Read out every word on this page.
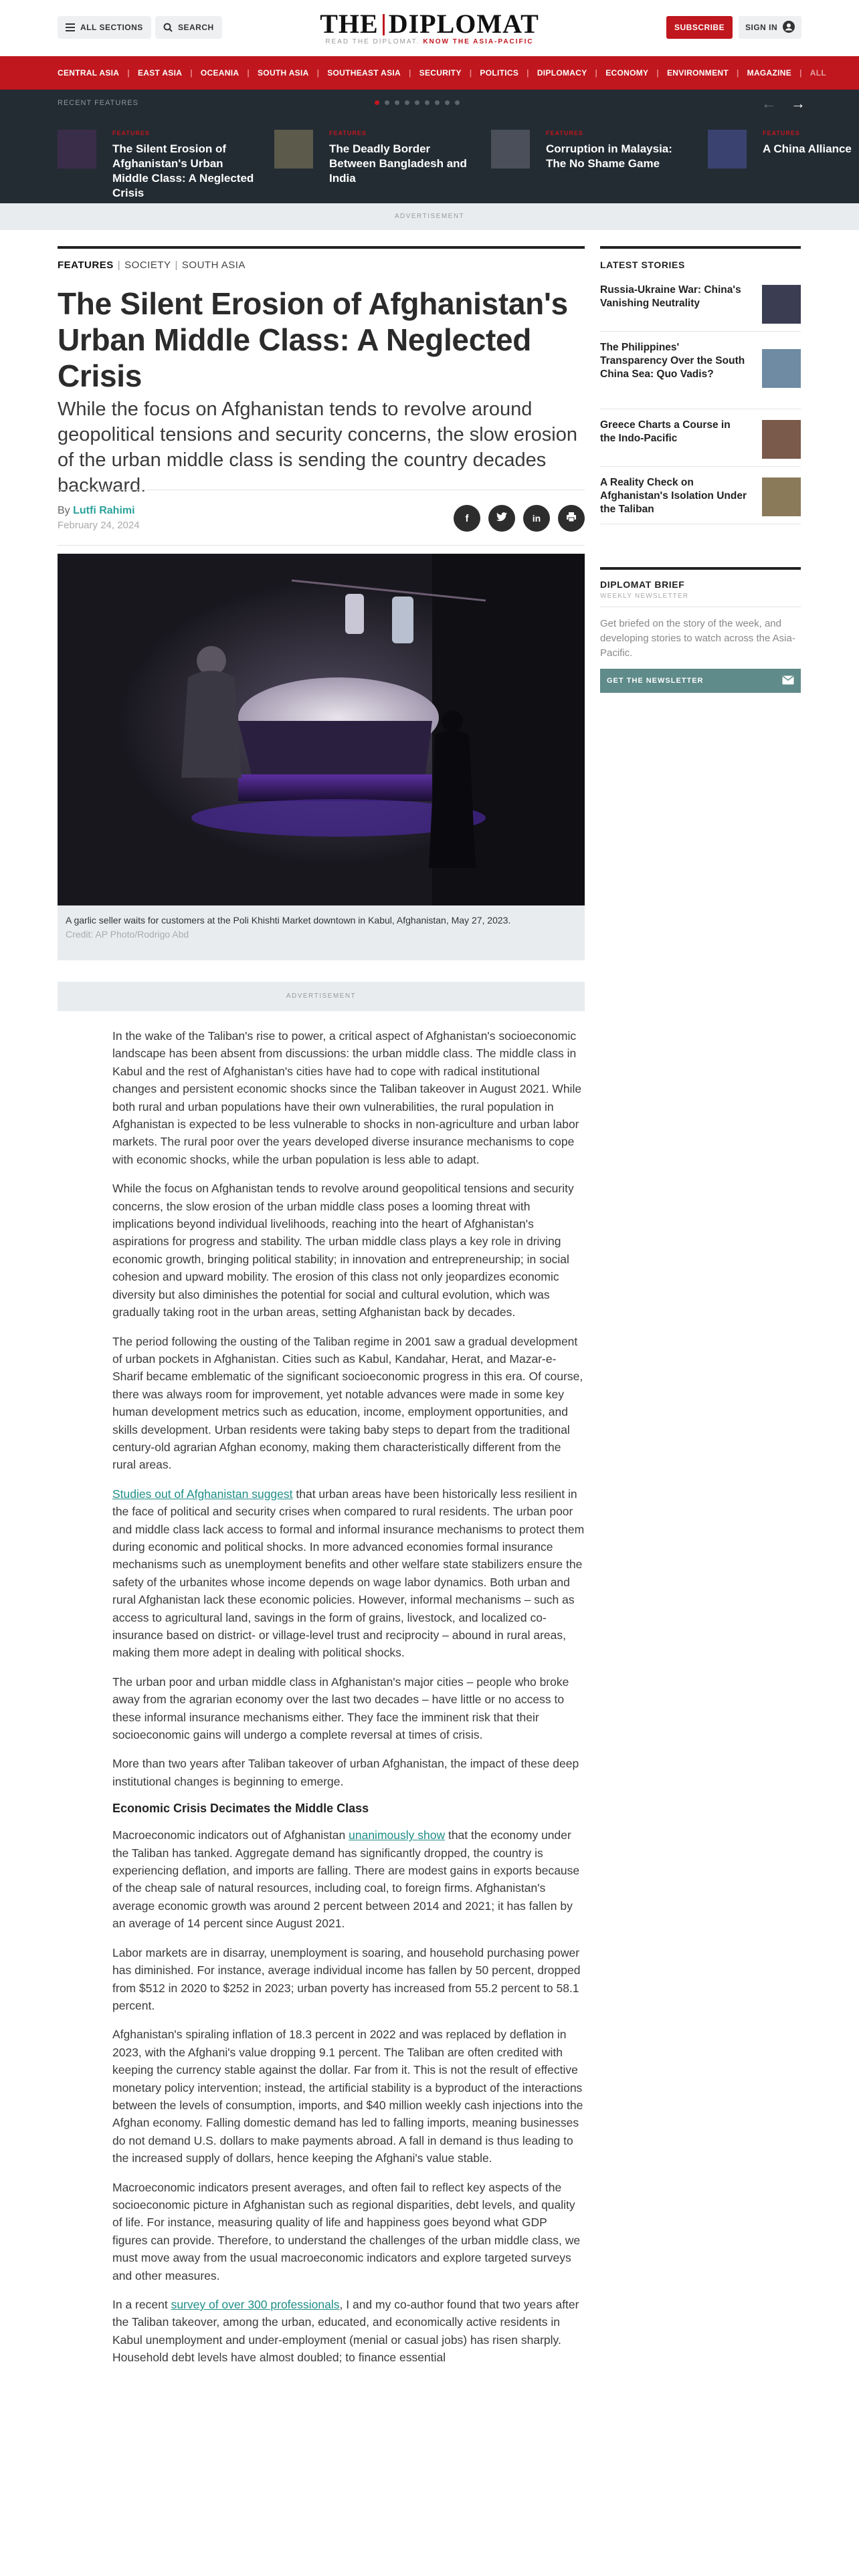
ALL SECTIONS	SEARCH	THE DIPLOMAT
READ THE DIPLOMAT. KNOW THE ASIA-PACIFIC
SUBSCRIBE	SIGN IN
CENTRAL ASIA | EAST ASIA | OCEANIA | SOUTH ASIA | SOUTHEAST ASIA | SECURITY | POLITICS | DIPLOMACY | ECONOMY | ENVIRONMENT | MAGAZINE | ALL
RECENT FEATURES	← →
FEATURES
The Silent Erosion of Afghanistan's Urban Middle Class: A Neglected Crisis
FEATURES
The Deadly Border Between Bangladesh and India
FEATURES
Corruption in Malaysia: The No Shame Game
FEATURES
A China Alliance
ADVERTISEMENT
FEATURES | SOCIETY | SOUTH ASIA
The Silent Erosion of Afghanistan's Urban Middle Class: A Neglected Crisis
While the focus on Afghanistan tends to revolve around geopolitical tensions and security concerns, the slow erosion of the urban middle class is sending the country decades backward.
By Lutfi Rahimi
February 24, 2024
f	in
A garlic seller waits for customers at the Poli Khishti Market downtown in Kabul, Afghanistan, May 27, 2023.
Credit: AP Photo/Rodrigo Abd
ADVERTISEMENT

In the wake of the Taliban's rise to power, a critical aspect of Afghanistan's socioeconomic landscape has been absent from discussions: the urban middle class. The middle class in Kabul and the rest of Afghanistan's cities have had to cope with radical institutional changes and persistent economic shocks since the Taliban takeover in August 2021. While both rural and urban populations have their own vulnerabilities, the rural population in Afghanistan is expected to be less vulnerable to shocks in non-agriculture and urban labor markets. The rural poor over the years developed diverse insurance mechanisms to cope with economic shocks, while the urban population is less able to adapt.

While the focus on Afghanistan tends to revolve around geopolitical tensions and security concerns, the slow erosion of the urban middle class poses a looming threat with implications beyond individual livelihoods, reaching into the heart of Afghanistan's aspirations for progress and stability. The urban middle class plays a key role in driving economic growth, bringing political stability; in innovation and entrepreneurship; in social cohesion and upward mobility. The erosion of this class not only jeopardizes economic diversity but also diminishes the potential for social and cultural evolution, which was gradually taking root in the urban areas, setting Afghanistan back by decades.

The period following the ousting of the Taliban regime in 2001 saw a gradual development of urban pockets in Afghanistan. Cities such as Kabul, Kandahar, Herat, and Mazar-e-Sharif became emblematic of the significant socioeconomic progress in this era. Of course, there was always room for improvement, yet notable advances were made in some key human development metrics such as education, income, employment opportunities, and skills development. Urban residents were taking baby steps to depart from the traditional century-old agrarian Afghan economy, making them characteristically different from the rural areas.

Studies out of Afghanistan suggest that urban areas have been historically less resilient in the face of political and security crises when compared to rural residents. The urban poor and middle class lack access to formal and informal insurance mechanisms to protect them during economic and political shocks. In more advanced economies formal insurance mechanisms such as unemployment benefits and other welfare state stabilizers ensure the safety of the urbanites whose income depends on wage labor dynamics. Both urban and rural Afghanistan lack these economic policies. However, informal mechanisms – such as access to agricultural land, savings in the form of grains, livestock, and localized co-insurance based on district- or village-level trust and reciprocity – abound in rural areas, making them more adept in dealing with political shocks.

The urban poor and urban middle class in Afghanistan's major cities – people who broke away from the agrarian economy over the last two decades – have little or no access to these informal insurance mechanisms either. They face the imminent risk that their socioeconomic gains will undergo a complete reversal at times of crisis.

More than two years after Taliban takeover of urban Afghanistan, the impact of these deep institutional changes is beginning to emerge.

Economic Crisis Decimates the Middle Class

Macroeconomic indicators out of Afghanistan unanimously show that the economy under the Taliban has tanked. Aggregate demand has significantly dropped, the country is experiencing deflation, and imports are falling. There are modest gains in exports because of the cheap sale of natural resources, including coal, to foreign firms. Afghanistan's average economic growth was around 2 percent between 2014 and 2021; it has fallen by an average of 14 percent since August 2021.

Labor markets are in disarray, unemployment is soaring, and household purchasing power has diminished. For instance, average individual income has fallen by 50 percent, dropped from $512 in 2020 to $252 in 2023; urban poverty has increased from 55.2 percent to 58.1 percent.

Afghanistan's spiraling inflation of 18.3 percent in 2022 and was replaced by deflation in 2023, with the Afghani's value dropping 9.1 percent. The Taliban are often credited with keeping the currency stable against the dollar. Far from it. This is not the result of effective monetary policy intervention; instead, the artificial stability is a byproduct of the interactions between the levels of consumption, imports, and $40 million weekly cash injections into the Afghan economy. Falling domestic demand has led to falling imports, meaning businesses do not demand U.S. dollars to make payments abroad. A fall in demand is thus leading to the increased supply of dollars, hence keeping the Afghani's value stable.

Macroeconomic indicators present averages, and often fail to reflect key aspects of the socioeconomic picture in Afghanistan such as regional disparities, debt levels, and quality of life. For instance, measuring quality of life and happiness goes beyond what GDP figures can provide. Therefore, to understand the challenges of the urban middle class, we must move away from the usual macroeconomic indicators and explore targeted surveys and other measures.

In a recent survey of over 300 professionals, I and my co-author found that two years after the Taliban takeover, among the urban, educated, and economically active residents in Kabul unemployment and under-employment (menial or casual jobs) has risen sharply. Household debt levels have almost doubled; to finance essential

LATEST STORIES
Russia-Ukraine War: China's Vanishing Neutrality
The Philippines' Transparency Over the South China Sea: Quo Vadis?
Greece Charts a Course in the Indo-Pacific
A Reality Check on Afghanistan's Isolation Under the Taliban
DIPLOMAT BRIEF
WEEKLY NEWSLETTER
Get briefed on the story of the week, and developing stories to watch across the Asia-Pacific.
GET THE NEWSLETTER
